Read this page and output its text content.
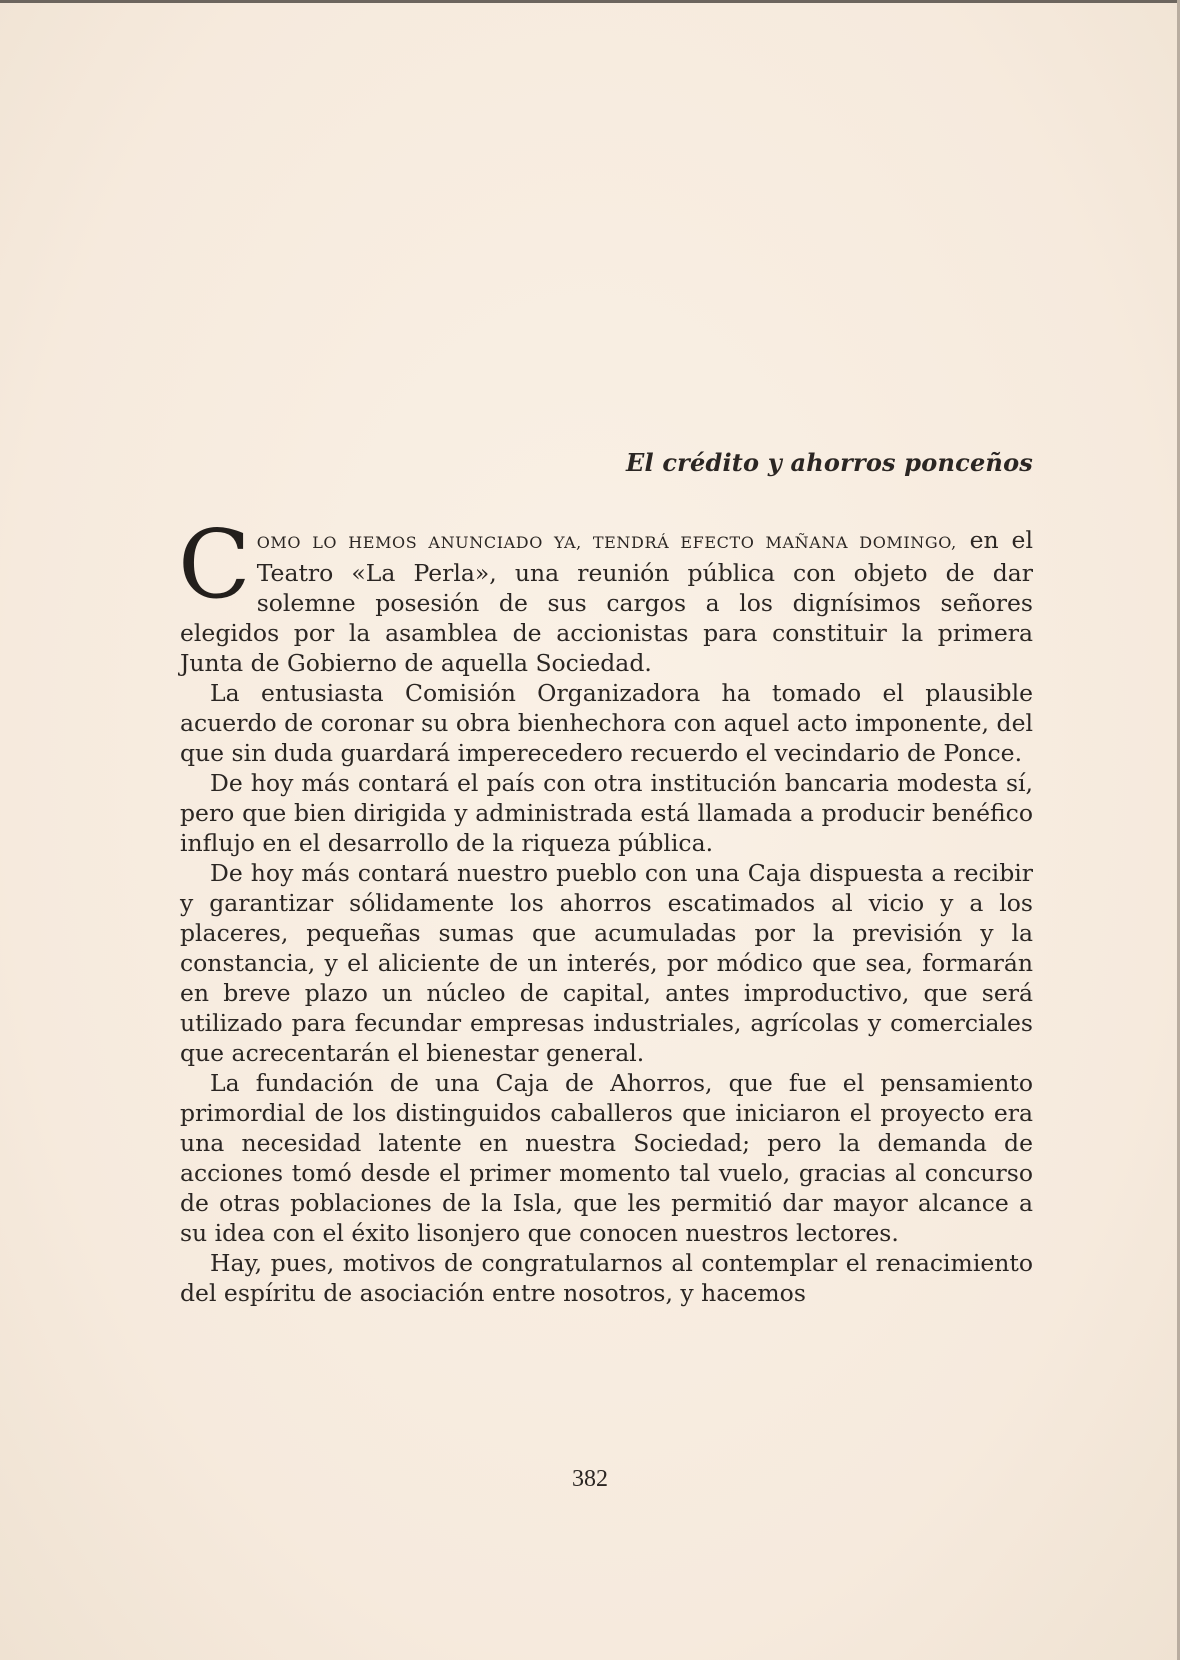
El crédito y ahorros ponceños

COMO LO HEMOS ANUNCIADO YA, TENDRÁ EFECTO MAÑANA DOMINGO, en el Teatro «La Perla», una reunión pública con objeto de dar solemne posesión de sus cargos a los dignísimos señores elegidos por la asamblea de accionistas para constituir la primera Junta de Gobierno de aquella Sociedad.

La entusiasta Comisión Organizadora ha tomado el plausible acuerdo de coronar su obra bienhechora con aquel acto imponente, del que sin duda guardará imperecedero recuerdo el vecindario de Ponce.

De hoy más contará el país con otra institución bancaria modesta sí, pero que bien dirigida y administrada está llamada a producir benéfico influjo en el desarrollo de la riqueza pública.

De hoy más contará nuestro pueblo con una Caja dispuesta a recibir y garantizar sólidamente los ahorros escatimados al vicio y a los placeres, pequeñas sumas que acumuladas por la previsión y la constancia, y el aliciente de un interés, por módico que sea, formarán en breve plazo un núcleo de capital, antes improductivo, que será utilizado para fecundar empresas industriales, agrícolas y comerciales que acrecentarán el bienestar general.

La fundación de una Caja de Ahorros, que fue el pensamiento primordial de los distinguidos caballeros que iniciaron el proyecto era una necesidad latente en nuestra Sociedad; pero la demanda de acciones tomó desde el primer momento tal vuelo, gracias al concurso de otras poblaciones de la Isla, que les permitió dar mayor alcance a su idea con el éxito lisonjero que conocen nuestros lectores.

Hay, pues, motivos de congratularnos al contemplar el renacimiento del espíritu de asociación entre nosotros, y hacemos

382
